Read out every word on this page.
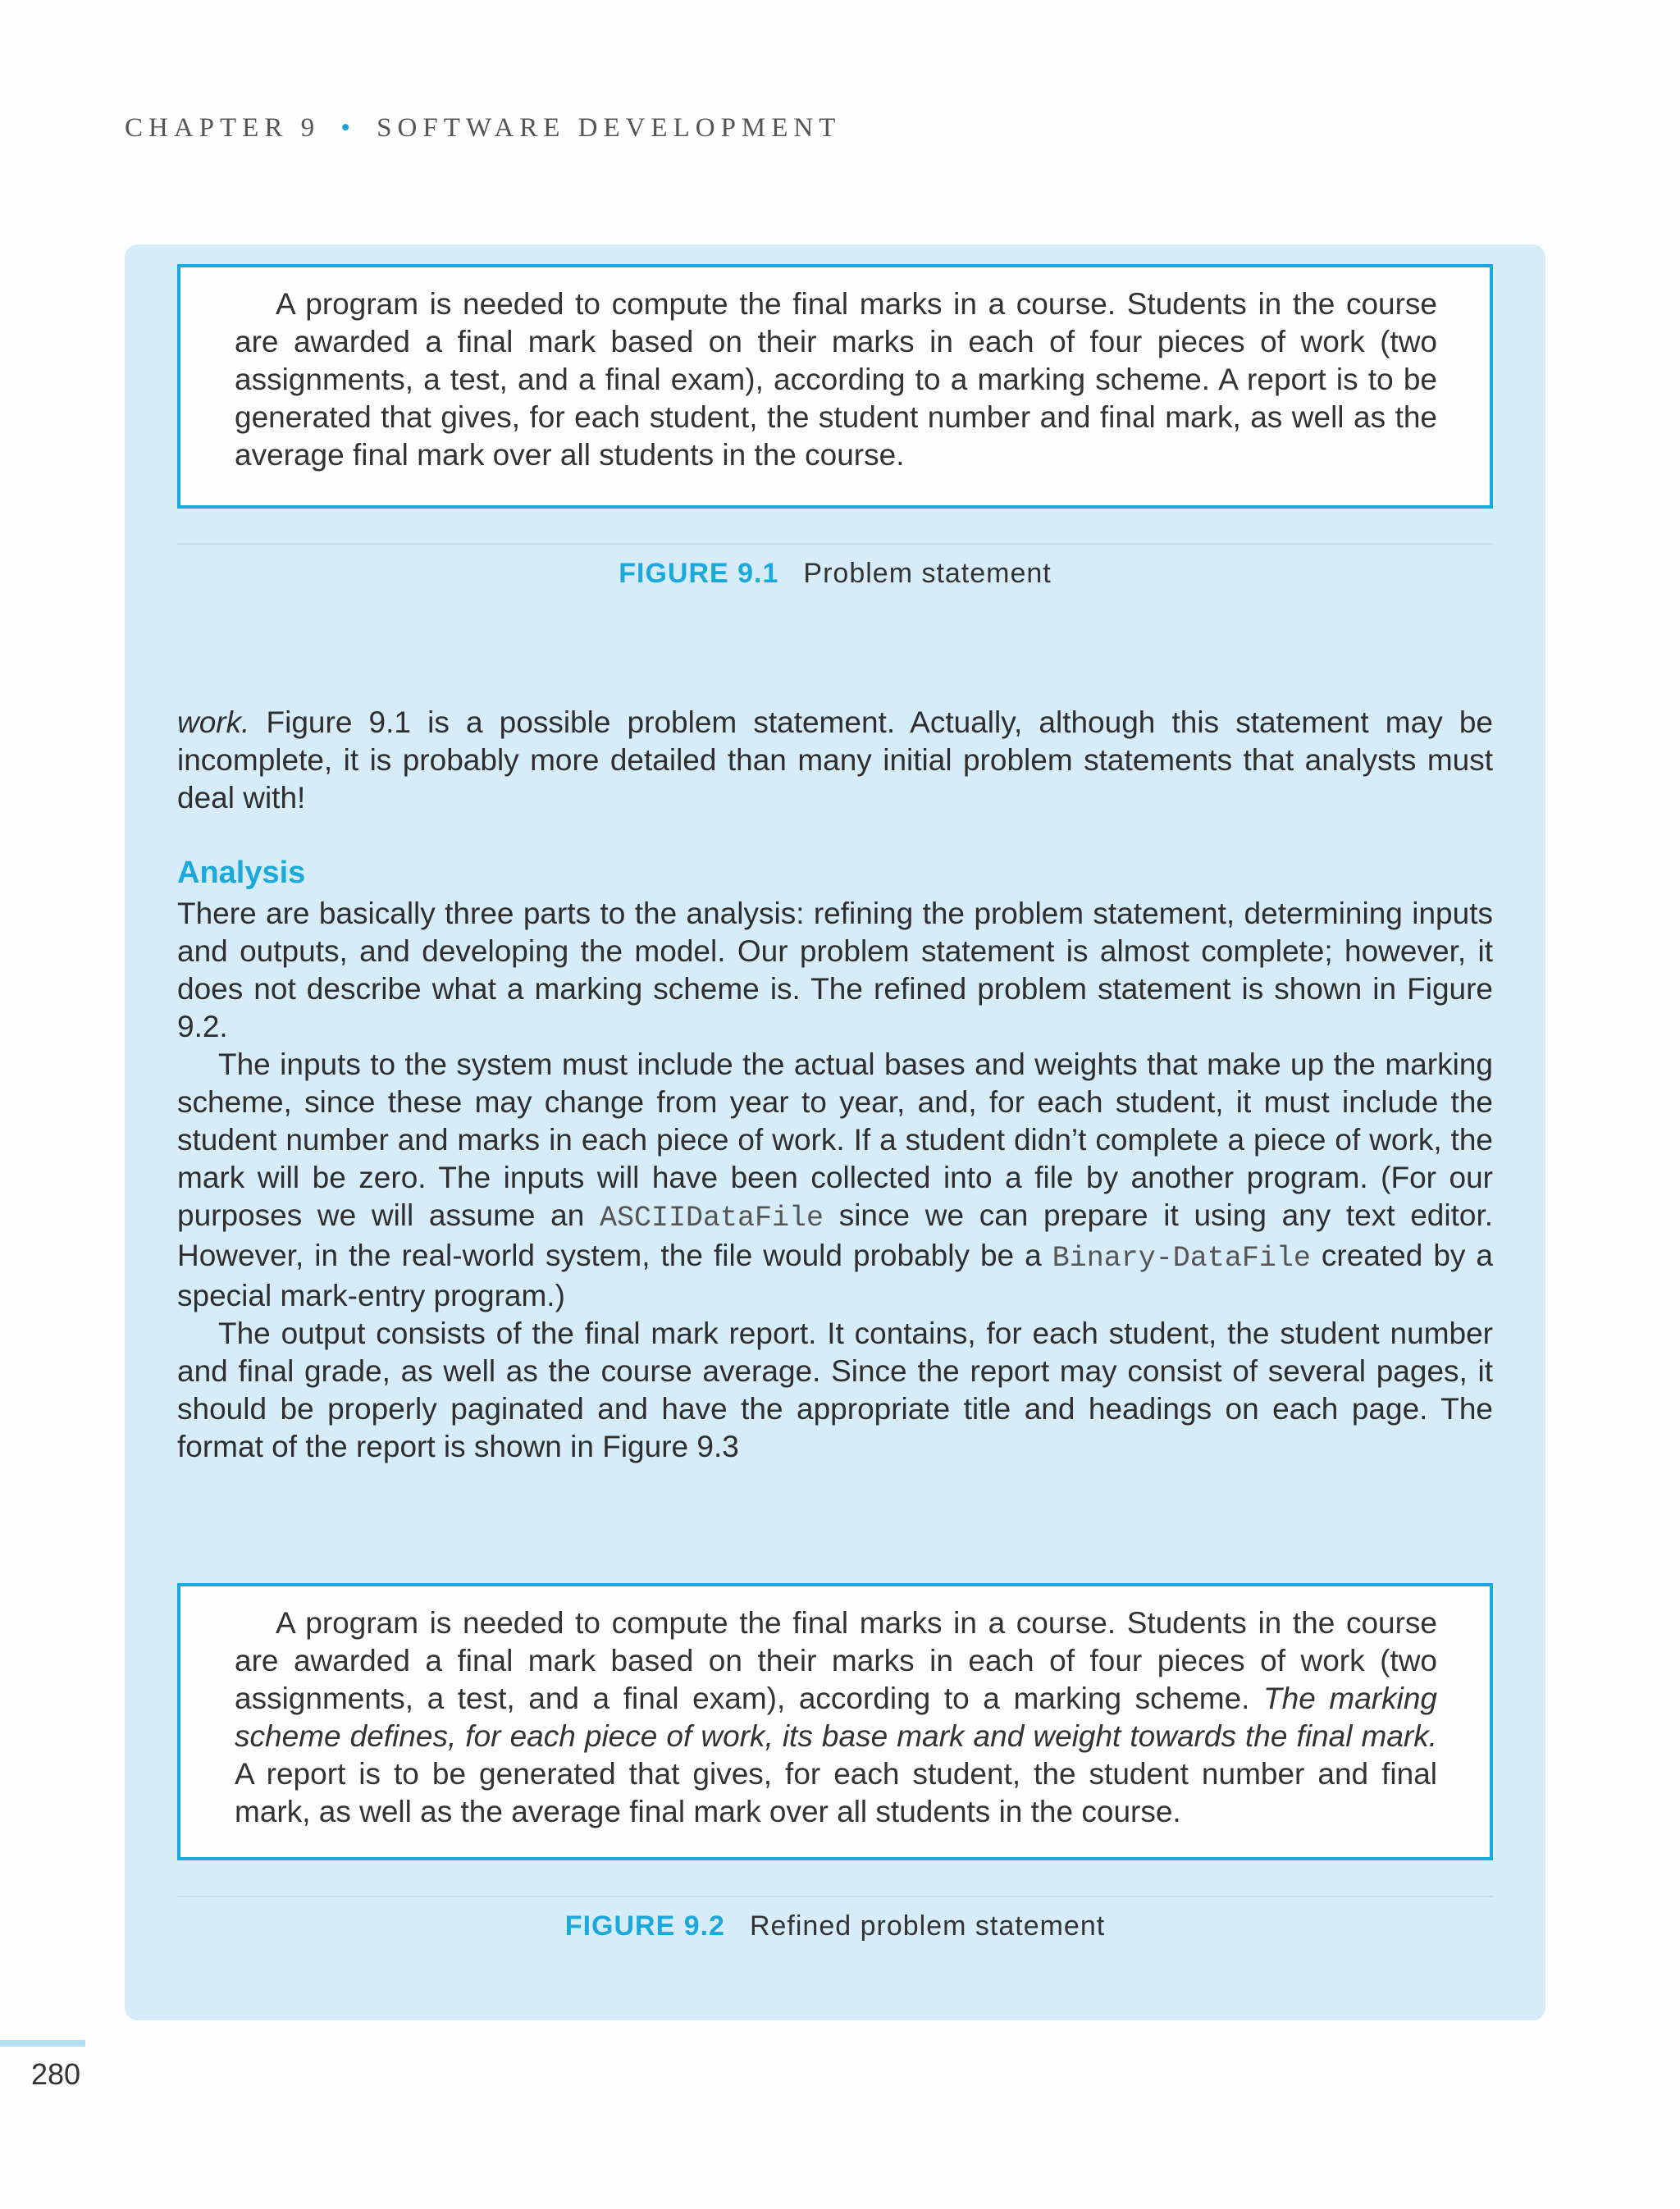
CHAPTER 9 • SOFTWARE DEVELOPMENT

A program is needed to compute the final marks in a course. Students in the course are awarded a final mark based on their marks in each of four pieces of work (two assignments, a test, and a final exam), according to a marking scheme. A report is to be generated that gives, for each student, the student number and final mark, as well as the average final mark over all students in the course.

FIGURE 9.1 Problem statement

work. Figure 9.1 is a possible problem statement. Actually, although this statement may be incomplete, it is probably more detailed than many initial problem statements that analysts must deal with!

Analysis

There are basically three parts to the analysis: refining the problem statement, determining inputs and outputs, and developing the model. Our problem statement is almost complete; however, it does not describe what a marking scheme is. The refined problem statement is shown in Figure 9.2.

The inputs to the system must include the actual bases and weights that make up the marking scheme, since these may change from year to year, and, for each student, it must include the student number and marks in each piece of work. If a student didn’t complete a piece of work, the mark will be zero. The inputs will have been collected into a file by another program. (For our purposes we will assume an ASCIIDataFile since we can prepare it using any text editor. However, in the real-world system, the file would probably be a Binary-DataFile created by a special mark-entry program.)

The output consists of the final mark report. It contains, for each student, the student number and final grade, as well as the course average. Since the report may consist of several pages, it should be properly paginated and have the appropriate title and headings on each page. The format of the report is shown in Figure 9.3

A program is needed to compute the final marks in a course. Students in the course are awarded a final mark based on their marks in each of four pieces of work (two assignments, a test, and a final exam), according to a marking scheme. The marking scheme defines, for each piece of work, its base mark and weight towards the final mark. A report is to be generated that gives, for each student, the student number and final mark, as well as the average final mark over all students in the course.

FIGURE 9.2 Refined problem statement
280
